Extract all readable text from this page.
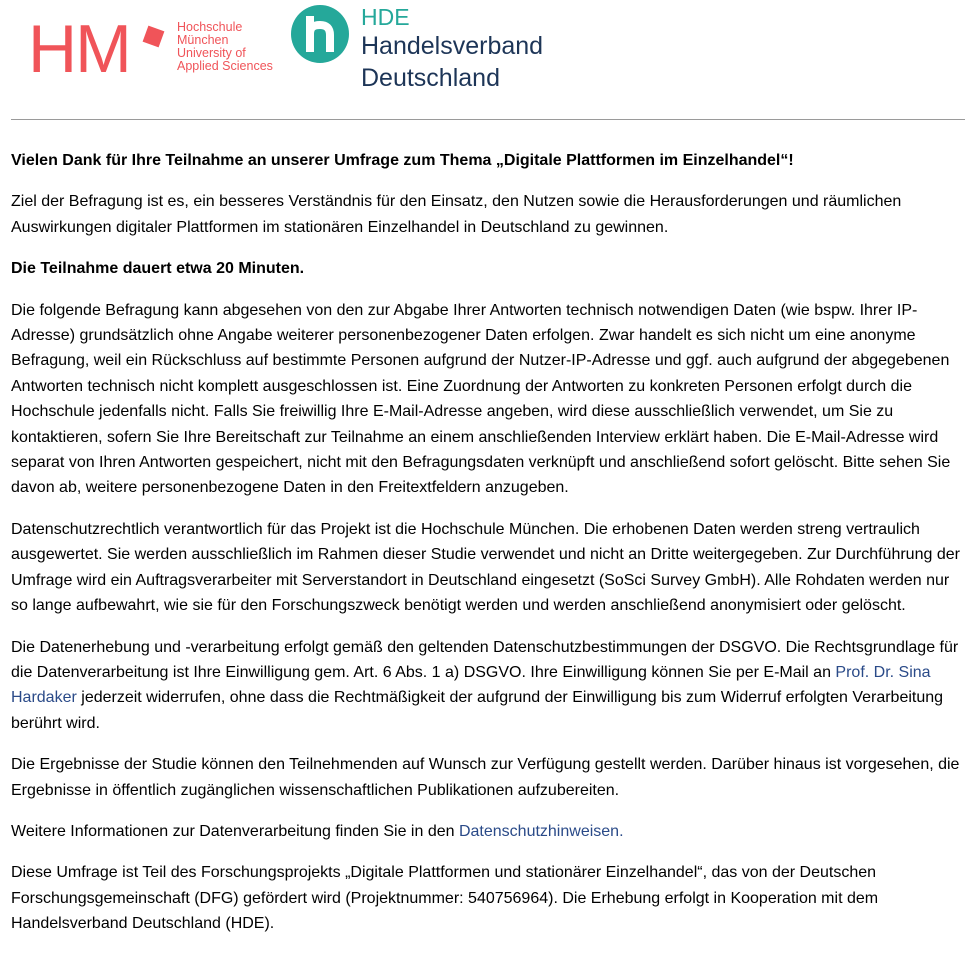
HM	Hochschule
München
University of
Applied Sciences
HDE
Handelsverband
Deutschland

Vielen Dank für Ihre Teilnahme an unserer Umfrage zum Thema „Digitale Plattformen im Einzelhandel“!

Ziel der Befragung ist es, ein besseres Verständnis für den Einsatz, den Nutzen sowie die Herausforderungen und räumlichen Auswirkungen digitaler Plattformen im stationären Einzelhandel in Deutschland zu gewinnen.

Die Teilnahme dauert etwa 20 Minuten.

Die folgende Befragung kann abgesehen von den zur Abgabe Ihrer Antworten technisch notwendigen Daten (wie bspw. Ihrer IP-Adresse) grundsätzlich ohne Angabe weiterer personenbezogener Daten erfolgen. Zwar handelt es sich nicht um eine anonyme Befragung, weil ein Rückschluss auf bestimmte Personen aufgrund der Nutzer-IP-Adresse und ggf. auch aufgrund der abgegebenen Antworten technisch nicht komplett ausgeschlossen ist. Eine Zuordnung der Antworten zu konkreten Personen erfolgt durch die Hochschule jedenfalls nicht. Falls Sie freiwillig Ihre E-Mail-Adresse angeben, wird diese ausschließlich verwendet, um Sie zu kontaktieren, sofern Sie Ihre Bereitschaft zur Teilnahme an einem anschließenden Interview erklärt haben. Die E-Mail-Adresse wird separat von Ihren Antworten gespeichert, nicht mit den Befragungsdaten verknüpft und anschließend sofort gelöscht. Bitte sehen Sie davon ab, weitere personenbezogene Daten in den Freitextfeldern anzugeben.

Datenschutzrechtlich verantwortlich für das Projekt ist die Hochschule München. Die erhobenen Daten werden streng vertraulich ausgewertet. Sie werden ausschließlich im Rahmen dieser Studie verwendet und nicht an Dritte weitergegeben. Zur Durchführung der Umfrage wird ein Auftragsverarbeiter mit Serverstandort in Deutschland eingesetzt (SoSci Survey GmbH). Alle Rohdaten werden nur so lange aufbewahrt, wie sie für den Forschungszweck benötigt werden und werden anschließend anonymisiert oder gelöscht.

Die Datenerhebung und -verarbeitung erfolgt gemäß den geltenden Datenschutzbestimmungen der DSGVO. Die Rechtsgrundlage für die Datenverarbeitung ist Ihre Einwilligung gem. Art. 6 Abs. 1 a) DSGVO. Ihre Einwilligung können Sie per E-Mail an Prof. Dr. Sina Hardaker jederzeit widerrufen, ohne dass die Rechtmäßigkeit der aufgrund der Einwilligung bis zum Widerruf erfolgten Verarbeitung berührt wird.

Die Ergebnisse der Studie können den Teilnehmenden auf Wunsch zur Verfügung gestellt werden. Darüber hinaus ist vorgesehen, die Ergebnisse in öffentlich zugänglichen wissenschaftlichen Publikationen aufzubereiten.

Weitere Informationen zur Datenverarbeitung finden Sie in den Datenschutzhinweisen.

Diese Umfrage ist Teil des Forschungsprojekts „Digitale Plattformen und stationärer Einzelhandel“, das von der Deutschen Forschungsgemeinschaft (DFG) gefördert wird (Projektnummer: 540756964). Die Erhebung erfolgt in Kooperation mit dem Handelsverband Deutschland (HDE).
